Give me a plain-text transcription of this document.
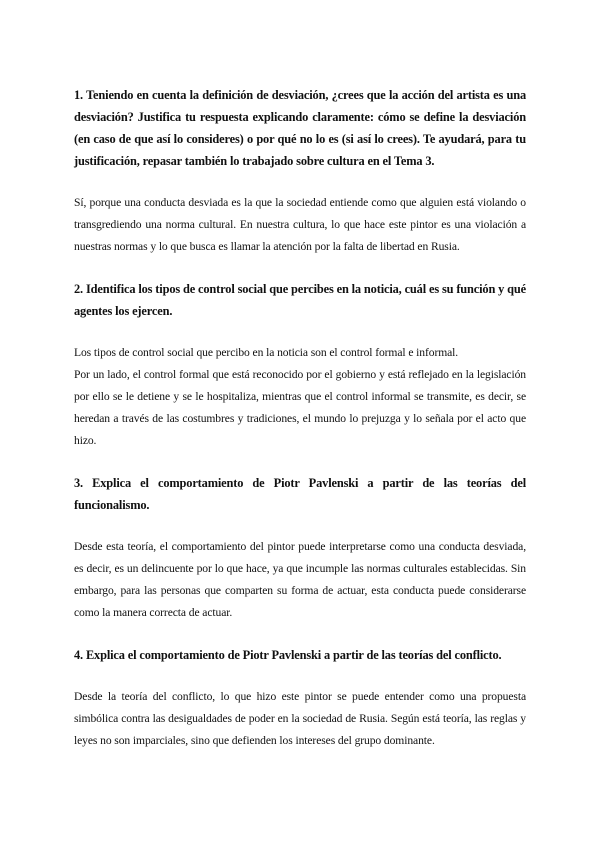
1. Teniendo en cuenta la definición de desviación, ¿crees que la acción del artista es una desviación? Justifica tu respuesta explicando claramente: cómo se define la desviación (en caso de que así lo consideres) o por qué no lo es (si así lo crees). Te ayudará, para tu justificación, repasar también lo trabajado sobre cultura en el Tema 3.

Sí, porque una conducta desviada es la que la sociedad entiende como que alguien está violando o transgrediendo una norma cultural. En nuestra cultura, lo que hace este pintor es una violación a nuestras normas y lo que busca es llamar la atención por la falta de libertad en Rusia.

2. Identifica los tipos de control social que percibes en la noticia, cuál es su función y qué agentes los ejercen.

Los tipos de control social que percibo en la noticia son el control formal e informal.

Por un lado, el control formal que está reconocido por el gobierno y está reflejado en la legislación por ello se le detiene y se le hospitaliza, mientras que el control informal se transmite, es decir, se heredan a través de las costumbres y tradiciones, el mundo lo prejuzga y lo señala por el acto que hizo.

3. Explica el comportamiento de Piotr Pavlenski a partir de las teorías del funcionalismo.

Desde esta teoría, el comportamiento del pintor puede interpretarse como una conducta desviada, es decir, es un delincuente por lo que hace, ya que incumple las normas culturales establecidas. Sin embargo, para las personas que comparten su forma de actuar, esta conducta puede considerarse como la manera correcta de actuar.

4. Explica el comportamiento de Piotr Pavlenski a partir de las teorías del conflicto.

Desde la teoría del conflicto, lo que hizo este pintor se puede entender como una propuesta simbólica contra las desigualdades de poder en la sociedad de Rusia. Según está teoría, las reglas y leyes no son imparciales, sino que defienden los intereses del grupo dominante.
